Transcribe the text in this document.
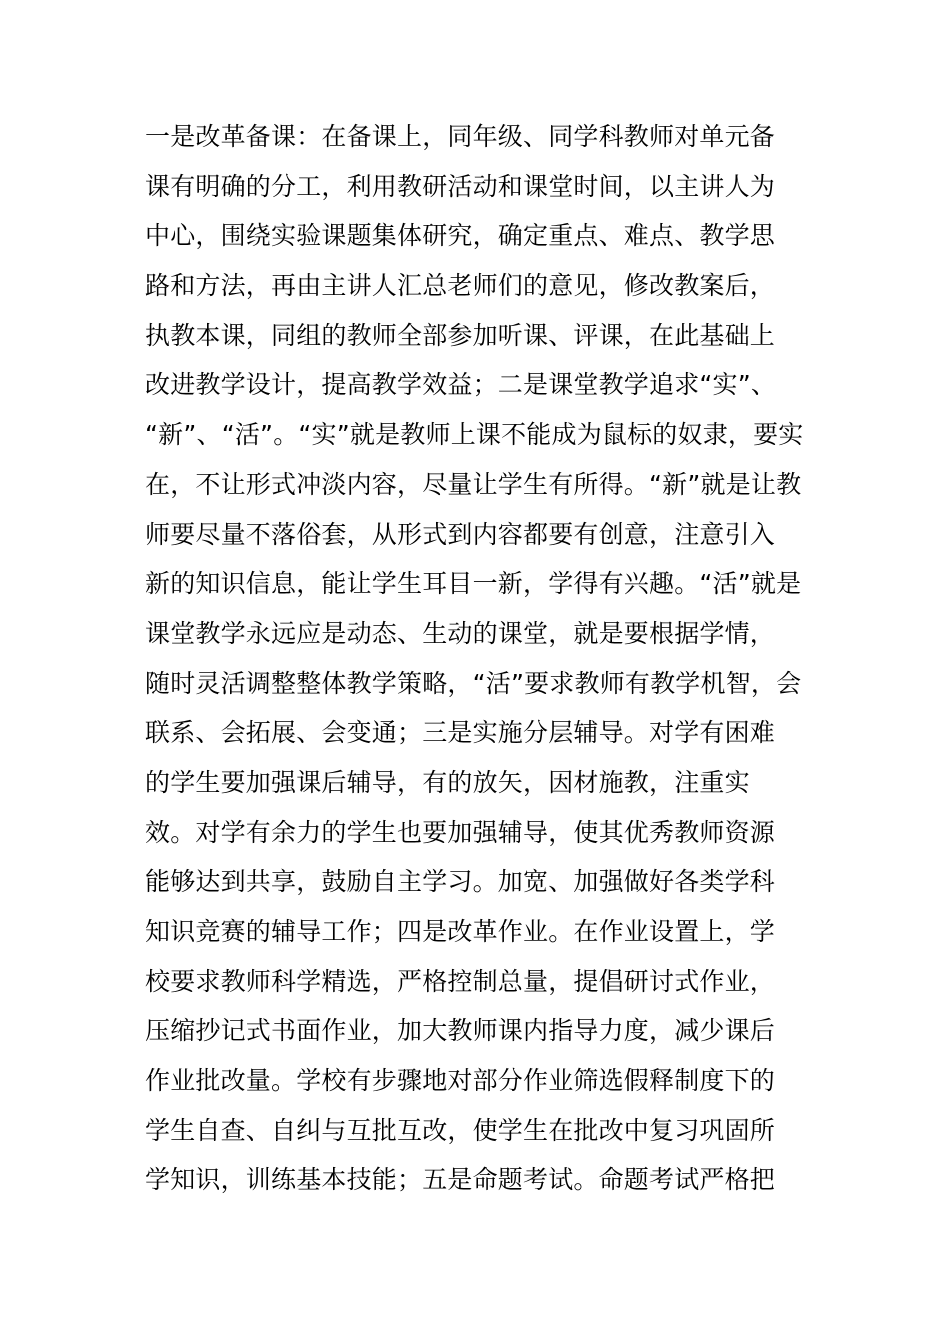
一是改革备课：在备课上，同年级、同学科教师对单元备
课有明确的分工，利用教研活动和课堂时间，以主讲人为
中心，围绕实验课题集体研究，确定重点、难点、教学思
路和方法，再由主讲人汇总老师们的意见，修改教案后，
执教本课，同组的教师全部参加听课、评课，在此基础上
改进教学设计，提高教学效益；二是课堂教学追求“实”、
“新”、“活”。“实”就是教师上课不能成为鼠标的奴隶，要实
在，不让形式冲淡内容，尽量让学生有所得。“新”就是让教
师要尽量不落俗套，从形式到内容都要有创意，注意引入
新的知识信息，能让学生耳目一新，学得有兴趣。“活”就是
课堂教学永远应是动态、生动的课堂，就是要根据学情，
随时灵活调整整体教学策略，“活”要求教师有教学机智，会
联系、会拓展、会变通；三是实施分层辅导。对学有困难
的学生要加强课后辅导，有的放矢，因材施教，注重实
效。对学有余力的学生也要加强辅导，使其优秀教师资源
能够达到共享，鼓励自主学习。加宽、加强做好各类学科
知识竞赛的辅导工作；四是改革作业。在作业设置上，学
校要求教师科学精选，严格控制总量，提倡研讨式作业，
压缩抄记式书面作业，加大教师课内指导力度，减少课后
作业批改量。学校有步骤地对部分作业筛选假释制度下的
学生自查、自纠与互批互改，使学生在批改中复习巩固所
学知识，训练基本技能；五是命题考试。命题考试严格把
